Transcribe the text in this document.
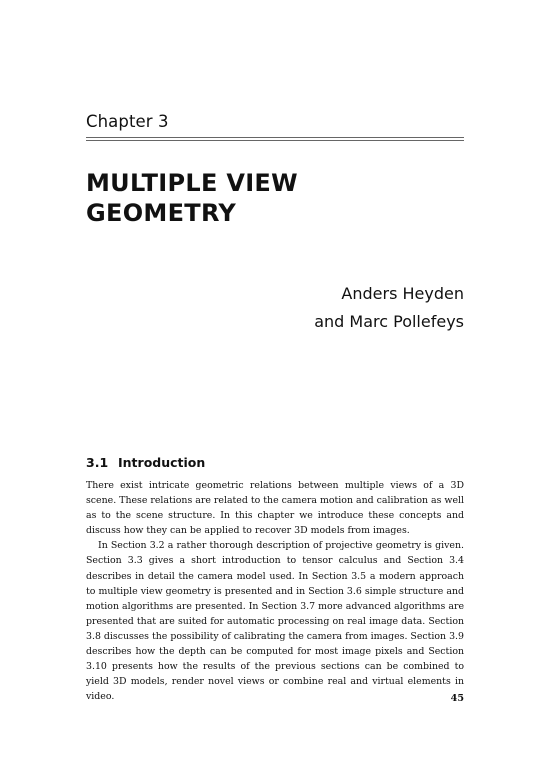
Chapter 3
MULTIPLE VIEW
GEOMETRY
Anders Heyden
and Marc Pollefeys
3.1 Introduction

There exist intricate geometric relations between multiple views of a 3D scene. These relations are related to the camera motion and calibration as well as to the scene structure. In this chapter we introduce these concepts and discuss how they can be applied to recover 3D models from images.

In Section 3.2 a rather thorough description of projective geometry is given. Section 3.3 gives a short introduction to tensor calculus and Section 3.4 describes in detail the camera model used. In Section 3.5 a modern approach to multiple view geometry is presented and in Section 3.6 simple structure and motion algorithms are presented. In Section 3.7 more advanced algorithms are presented that are suited for automatic processing on real image data. Section 3.8 discusses the possibility of calibrating the camera from images. Section 3.9 describes how the depth can be computed for most image pixels and Section 3.10 presents how the results of the previous sections can be combined to yield 3D models, render novel views or combine real and virtual elements in video.	45
